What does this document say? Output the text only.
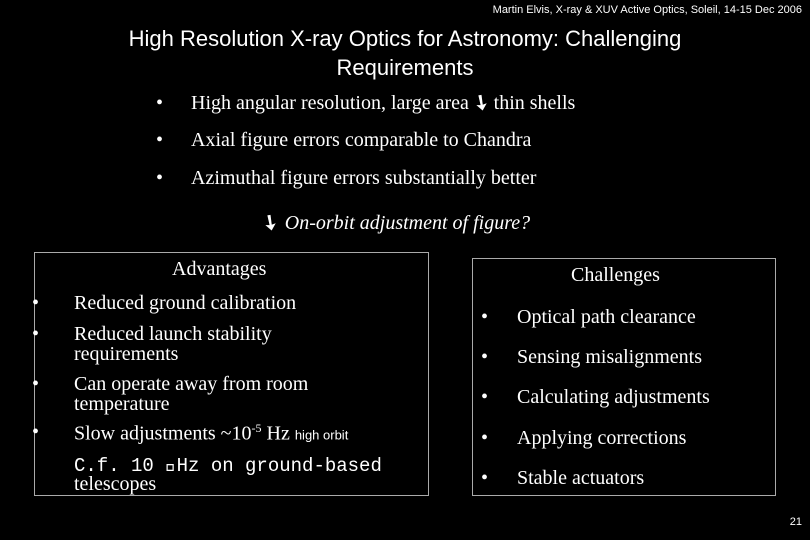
Martin Elvis, X-ray & XUV Active Optics, Soleil, 14-15 Dec 2006
High Resolution X-ray Optics for Astronomy: Challenging
Requirements
• High angular resolution, large area➘thin shells
• Axial figure errors comparable to Chandra
• Azimuthal figure errors substantially better
➘On-orbit adjustment of figure?
Advantages
• Reduced ground calibration
• Reduced launch stability
requirements
• Can operate away from room
temperature
• Slow adjustments $\sim 10^{-5}$ Hz high orbit
C.f. 10  Hz on ground-based
telescopes
Challenges
• Optical path clearance
• Sensing misalignments
• Calculating adjustments
• Applying corrections
• Stable actuators
21
